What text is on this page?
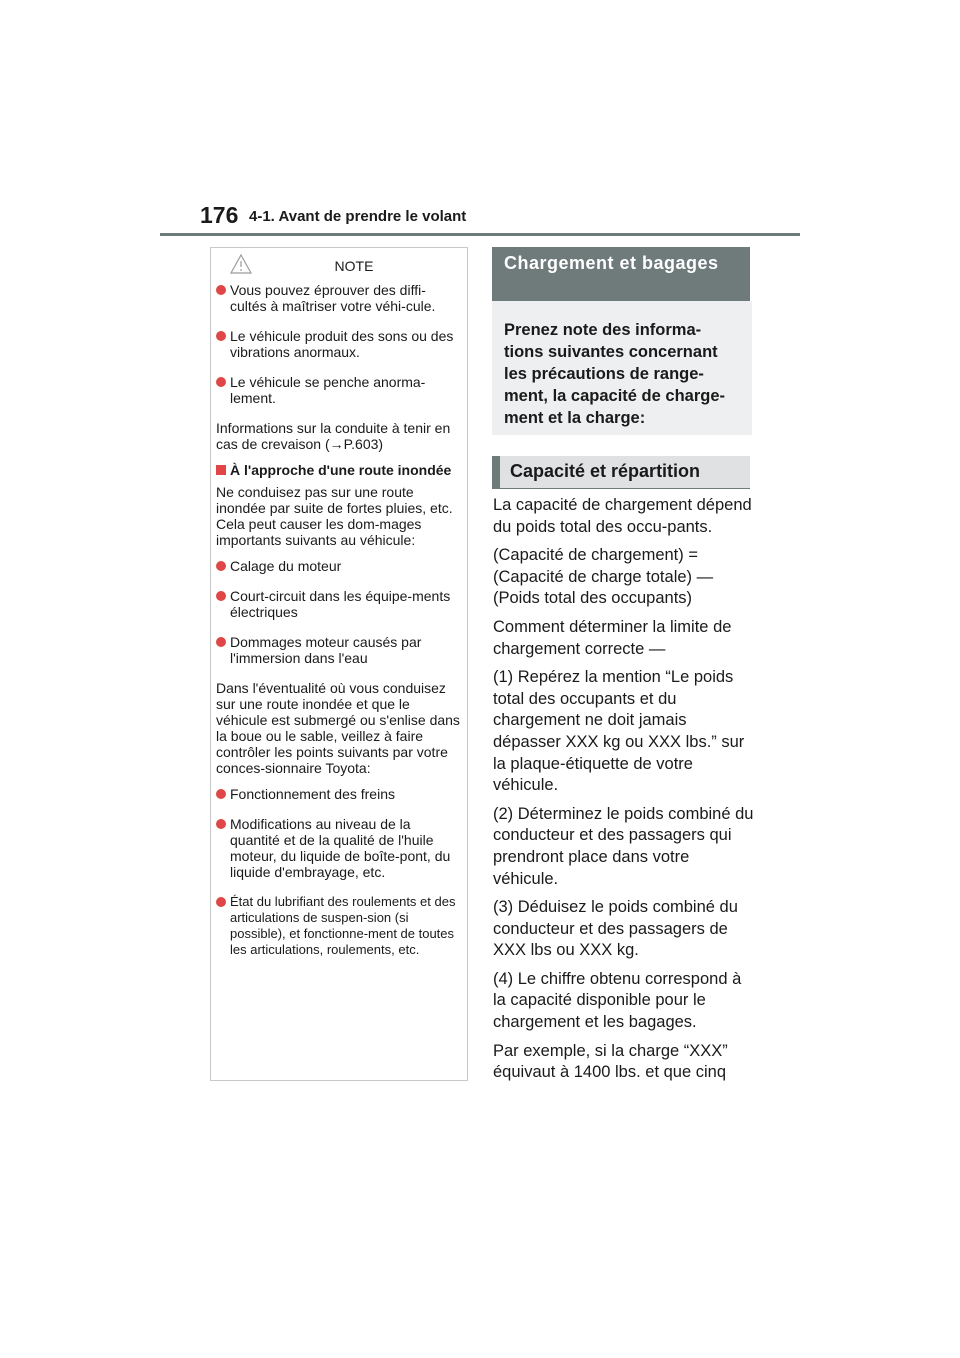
176 4-1. Avant de prendre le volant
NOTE
Vous pouvez éprouver des diffi-cultés à maîtriser votre véhi-cule.
Le véhicule produit des sons ou des vibrations anormaux.
Le véhicule se penche anorma-lement.
Informations sur la conduite à tenir en cas de crevaison (→P.603)
À l'approche d'une route inondée
Ne conduisez pas sur une route inondée par suite de fortes pluies, etc. Cela peut causer les dom-mages importants suivants au véhicule:
Calage du moteur
Court-circuit dans les équipe-ments électriques
Dommages moteur causés par l'immersion dans l'eau
Dans l'éventualité où vous conduisez sur une route inondée et que le véhicule est submergé ou s'enlise dans la boue ou le sable, veillez à faire contrôler les points suivants par votre conces-sionnaire Toyota:
Fonctionnement des freins
Modifications au niveau de la quantité et de la qualité de l'huile moteur, du liquide de boîte-pont, du liquide d'embrayage, etc.
État du lubrifiant des roulements et des articulations de suspen-sion (si possible), et fonctionne-ment de toutes les articulations, roulements, etc.
Chargement et bagages
Prenez note des informa-tions suivantes concernant les précautions de range-ment, la capacité de charge-ment et la charge:
Capacité et répartition

La capacité de chargement dépend du poids total des occu-pants.

(Capacité de chargement) = (Capacité de charge totale) — (Poids total des occupants)

Comment déterminer la limite de chargement correcte —

(1) Repérez la mention “Le poids total des occupants et du chargement ne doit jamais dépasser XXX kg ou XXX lbs.” sur la plaque-étiquette de votre véhicule.

(2) Déterminez le poids combiné du conducteur et des passagers qui prendront place dans votre véhicule.

(3) Déduisez le poids combiné du conducteur et des passagers de XXX lbs ou XXX kg.

(4) Le chiffre obtenu correspond à la capacité disponible pour le chargement et les bagages.

Par exemple, si la charge “XXX” équivaut à 1400 lbs. et que cinq
